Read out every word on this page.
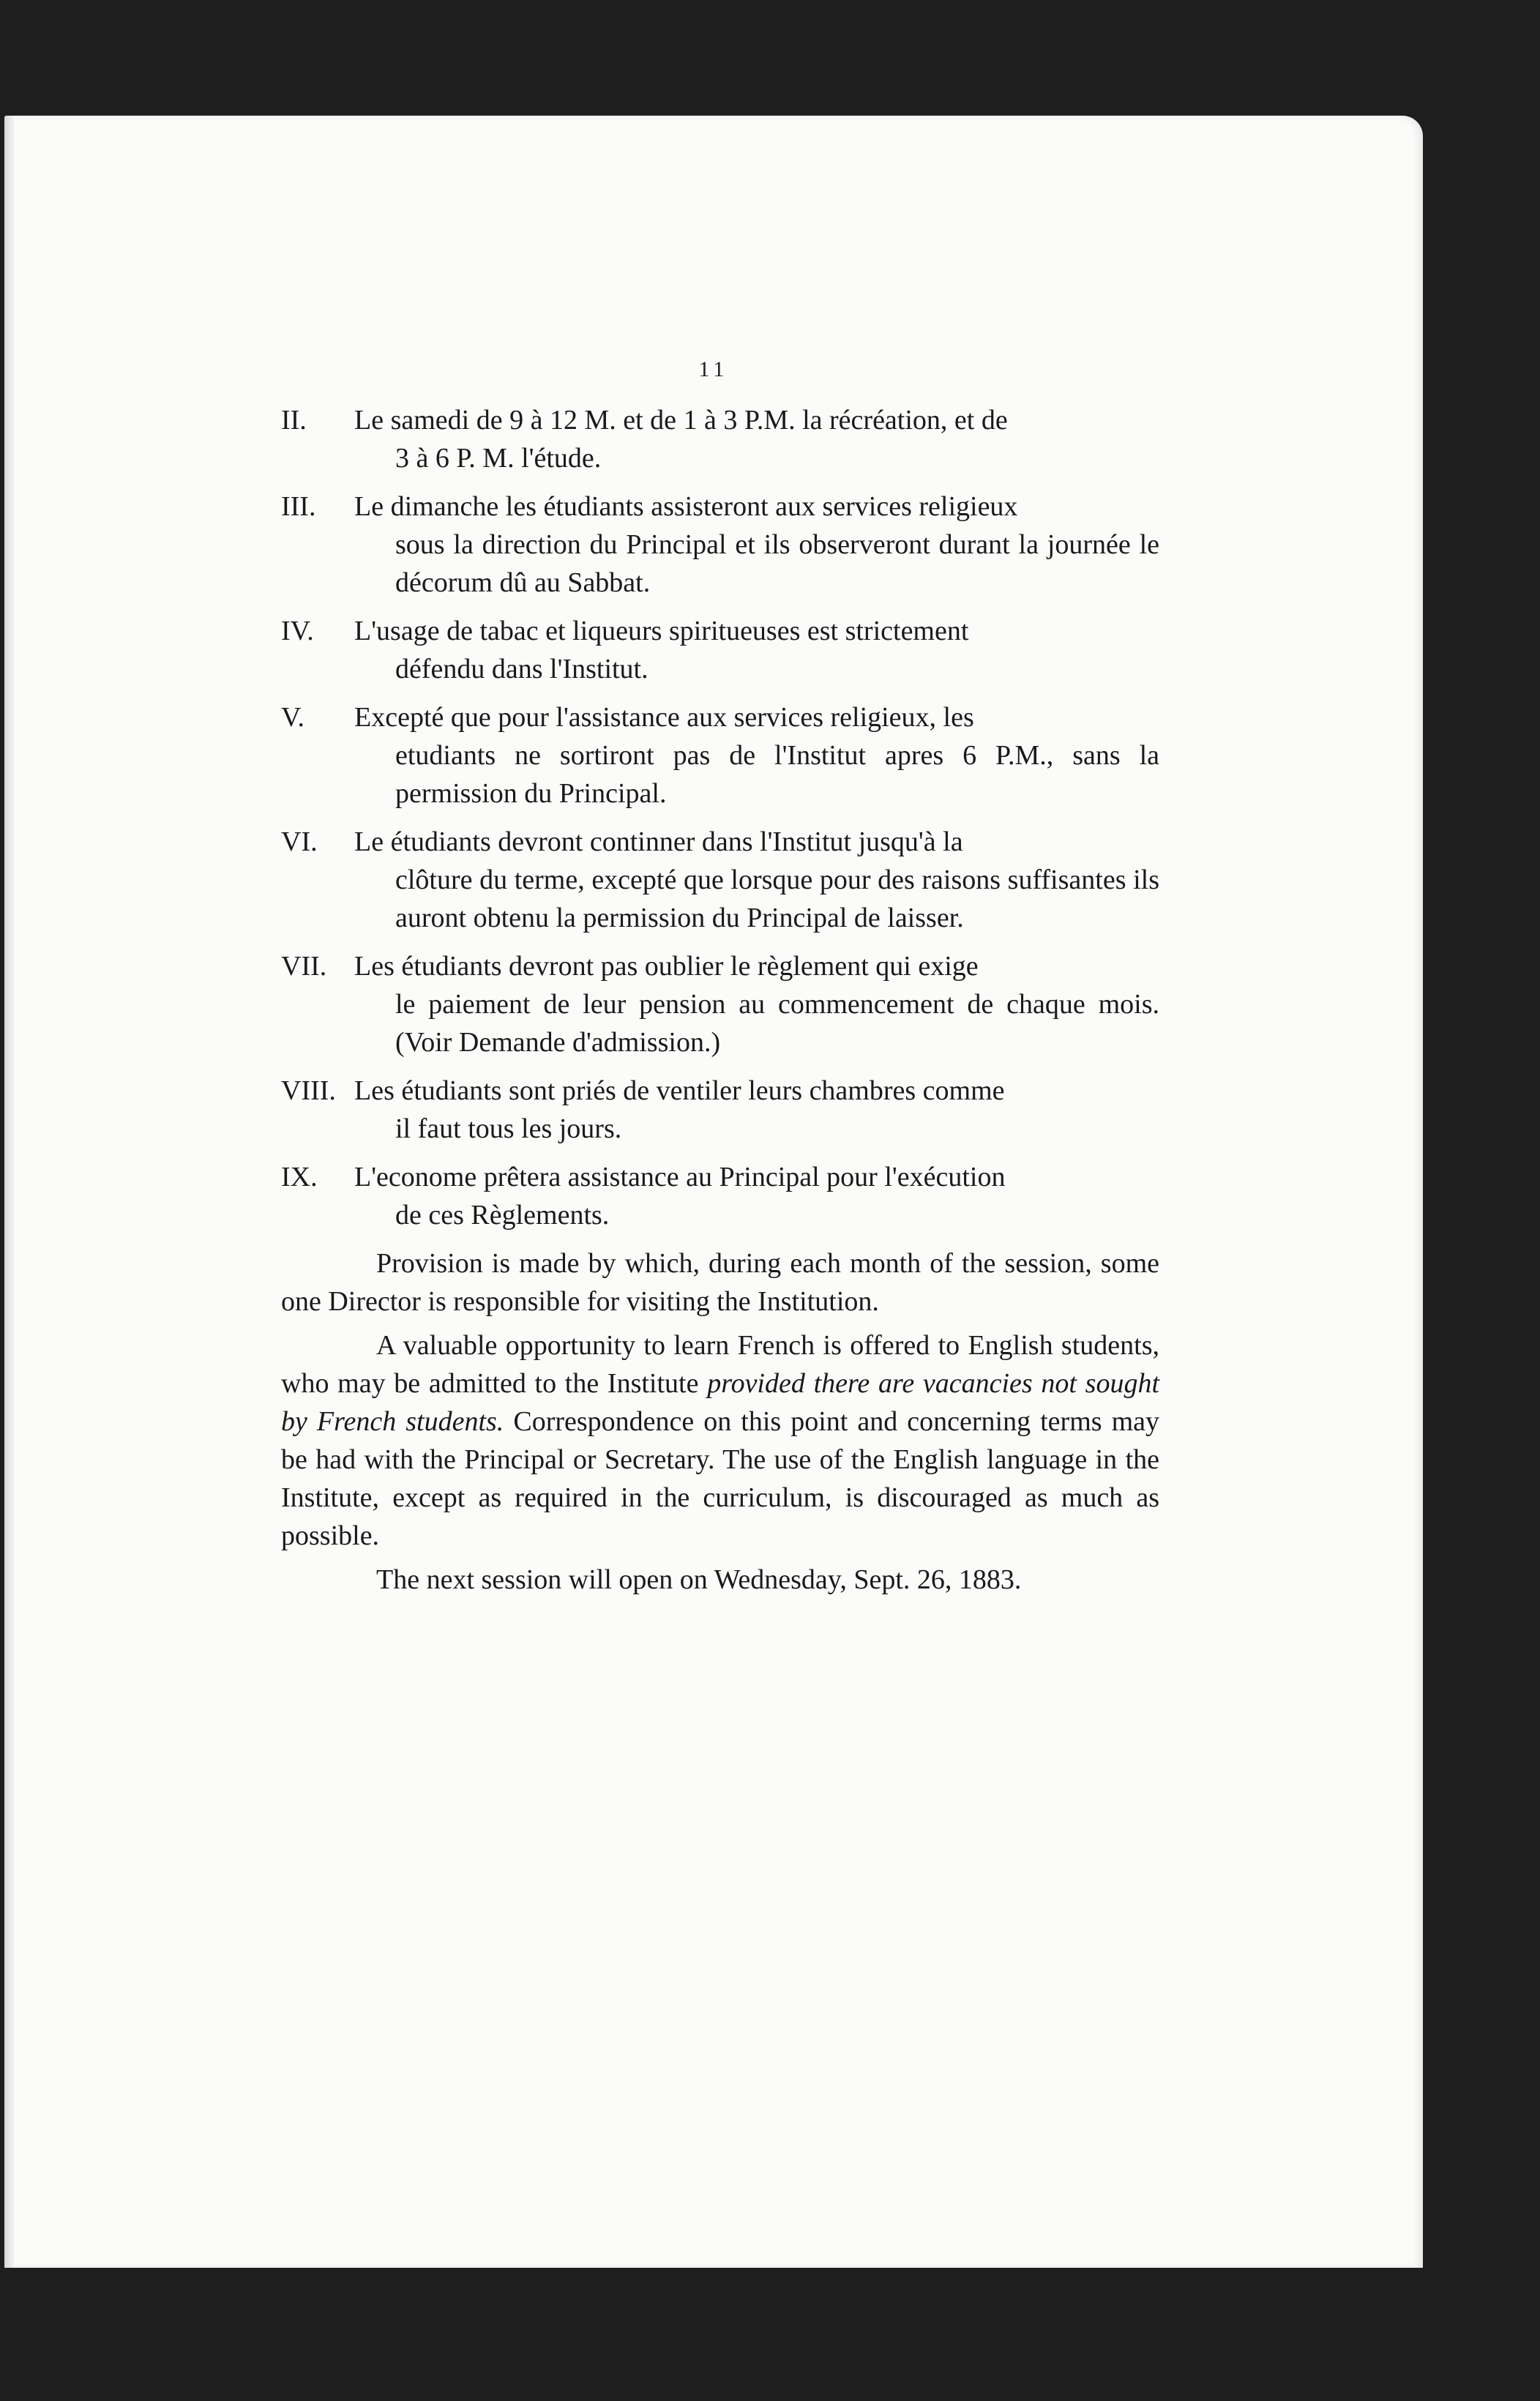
11
II.	Le samedi de 9 à 12 M. et de 1 à 3 P.M. la récréation, et de
3 à 6 P. M. l'étude.
III.	Le dimanche les étudiants assisteront aux services religieux
sous la direction du Principal et ils observeront durant la journée le décorum dû au Sabbat.
IV.	L'usage de tabac et liqueurs spiritueuses est strictement
défendu dans l'Institut.
V.	Excepté que pour l'assistance aux services religieux, les
etudiants ne sortiront pas de l'Institut apres 6 P.M., sans la permission du Principal.
VI.	Le étudiants devront continner dans l'Institut jusqu'à la
clôture du terme, excepté que lorsque pour des raisons suffisantes ils auront obtenu la permission du Principal de laisser.
VII. Les étudiants devront pas oublier le règlement qui exige
le paiement de leur pension au commencement de chaque mois. (Voir Demande d'admission.)
VIII. Les étudiants sont priés de ventiler leurs chambres comme
il faut tous les jours.
IX.	L'econome prêtera assistance au Principal pour l'exécution
de ces Règlements.

Provision is made by which, during each month of the session, some one Director is responsible for visiting the Institution.

A valuable opportunity to learn French is offered to English students, who may be admitted to the Institute provided there are vacancies not sought by French students. Correspondence on this point and concerning terms may be had with the Principal or Secretary. The use of the English language in the Institute, except as required in the curriculum, is discouraged as much as possible.

The next session will open on Wednesday, Sept. 26, 1883.
